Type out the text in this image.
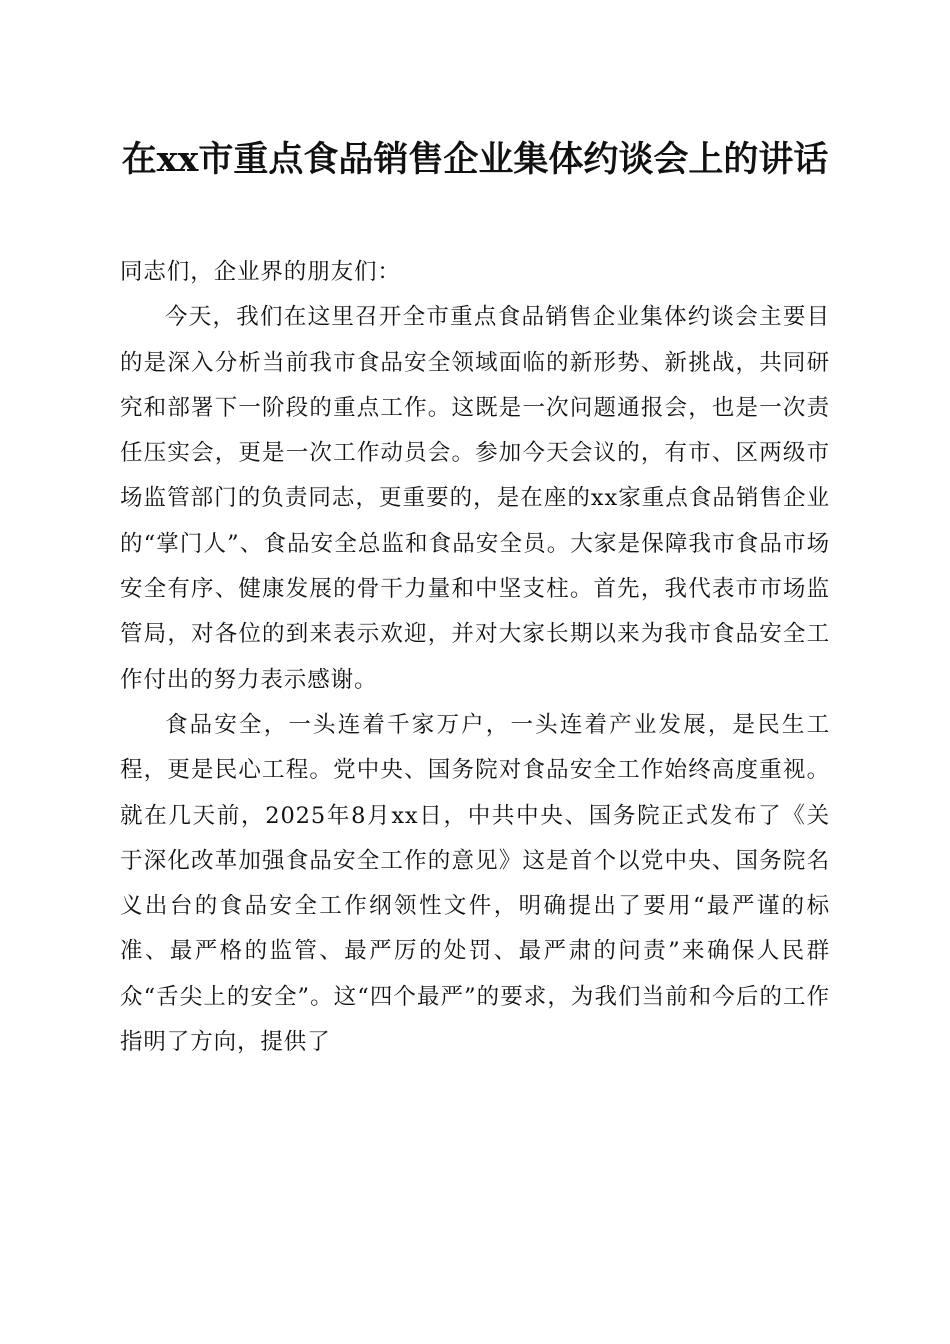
在xx市重点食品销售企业集体约谈会上的讲话

同志们，企业界的朋友们：

今天，我们在这里召开全市重点食品销售企业集体约谈会主要目的是深入分析当前我市食品安全领域面临的新形势、新挑战，共同研究和部署下一阶段的重点工作。这既是一次问题通报会，也是一次责任压实会，更是一次工作动员会。参加今天会议的，有市、区两级市场监管部门的负责同志，更重要的，是在座的xx家重点食品销售企业的“掌门人”、食品安全总监和食品安全员。大家是保障我市食品市场安全有序、健康发展的骨干力量和中坚支柱。首先，我代表市市场监管局，对各位的到来表示欢迎，并对大家长期以来为我市食品安全工作付出的努力表示感谢。

食品安全，一头连着千家万户，一头连着产业发展，是民生工程，更是民心工程。党中央、国务院对食品安全工作始终高度重视。就在几天前，2025年8月xx日，中共中央、国务院正式发布了《关于深化改革加强食品安全工作的意见》这是首个以党中央、国务院名义出台的食品安全工作纲领性文件，明确提出了要用“最严谨的标准、最严格的监管、最严厉的处罚、最严肃的问责”来确保人民群众“舌尖上的安全”。这“四个最严”的要求，为我们当前和今后的工作指明了方向，提供了
